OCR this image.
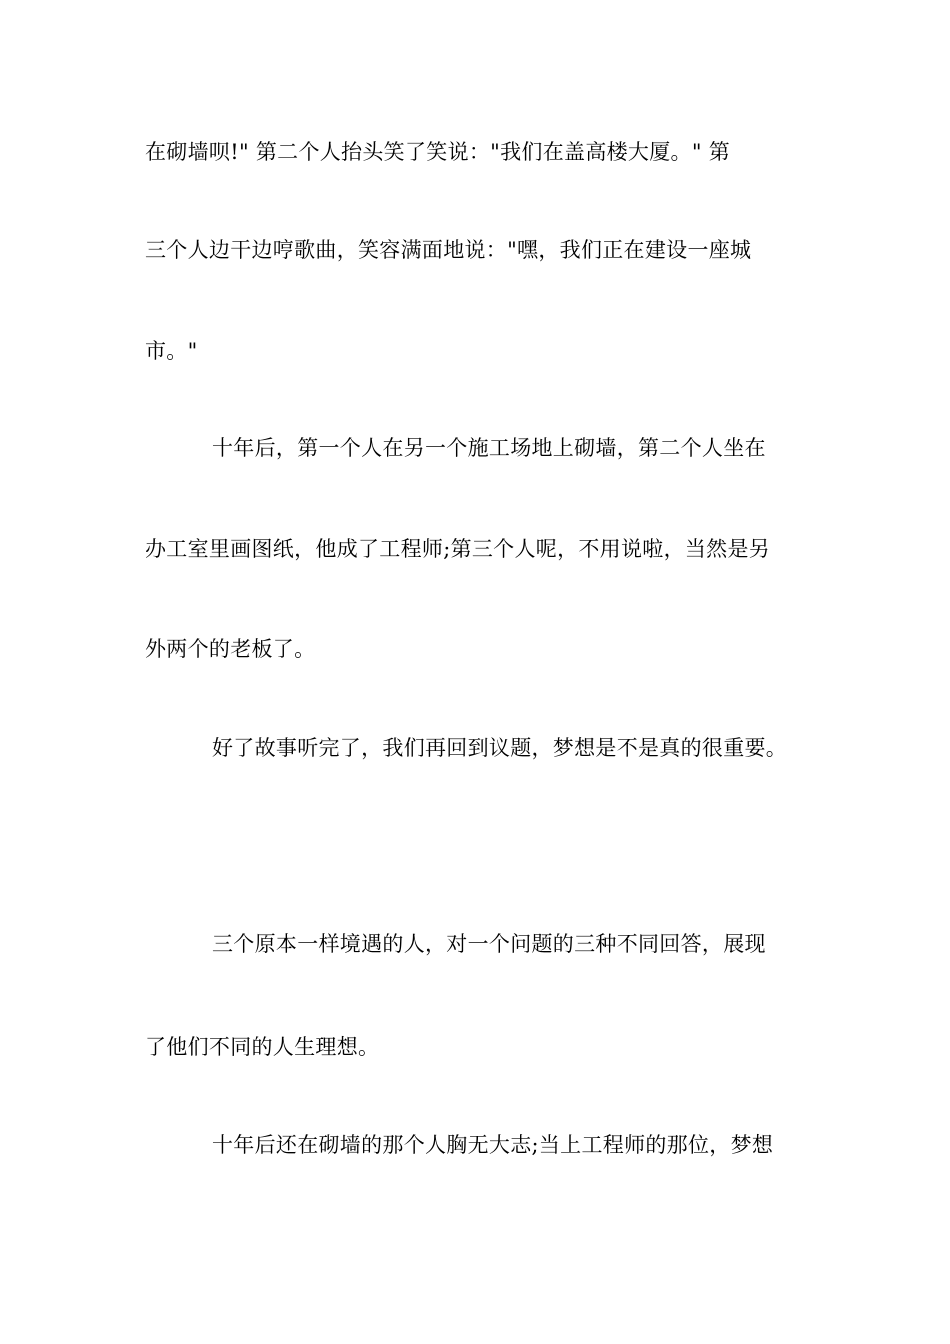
在砌墙呗!" 第二个人抬头笑了笑说："我们在盖高楼大厦。" 第
三个人边干边哼歌曲，笑容满面地说："嘿，我们正在建设一座城
市。"
十年后，第一个人在另一个施工场地上砌墙，第二个人坐在
办工室里画图纸，他成了工程师;第三个人呢，不用说啦，当然是另
外两个的老板了。
好了故事听完了，我们再回到议题，梦想是不是真的很重要。
三个原本一样境遇的人，对一个问题的三种不同回答，展现
了他们不同的人生理想。
十年后还在砌墙的那个人胸无大志;当上工程师的那位，梦想
